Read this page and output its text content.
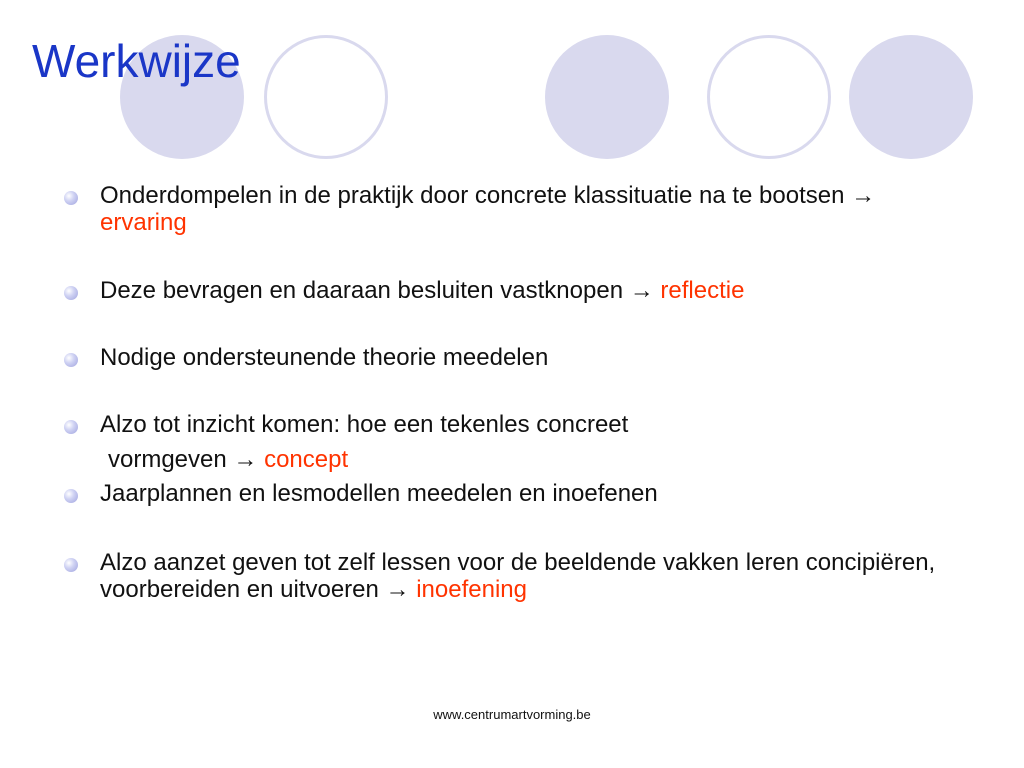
Werkwijze
Onderdompelen in de praktijk door concrete klassituatie na te bootsen → ervaring
Deze bevragen en daaraan besluiten vastknopen → reflectie
Nodige ondersteunende theorie meedelen
Alzo tot inzicht komen: hoe een tekenles concreet
vormgeven → concept
Jaarplannen en lesmodellen meedelen en inoefenen
Alzo aanzet geven tot zelf lessen voor de beeldende vakken leren concipiëren, voorbereiden en uitvoeren → inoefening
www.centrumartvorming.be
